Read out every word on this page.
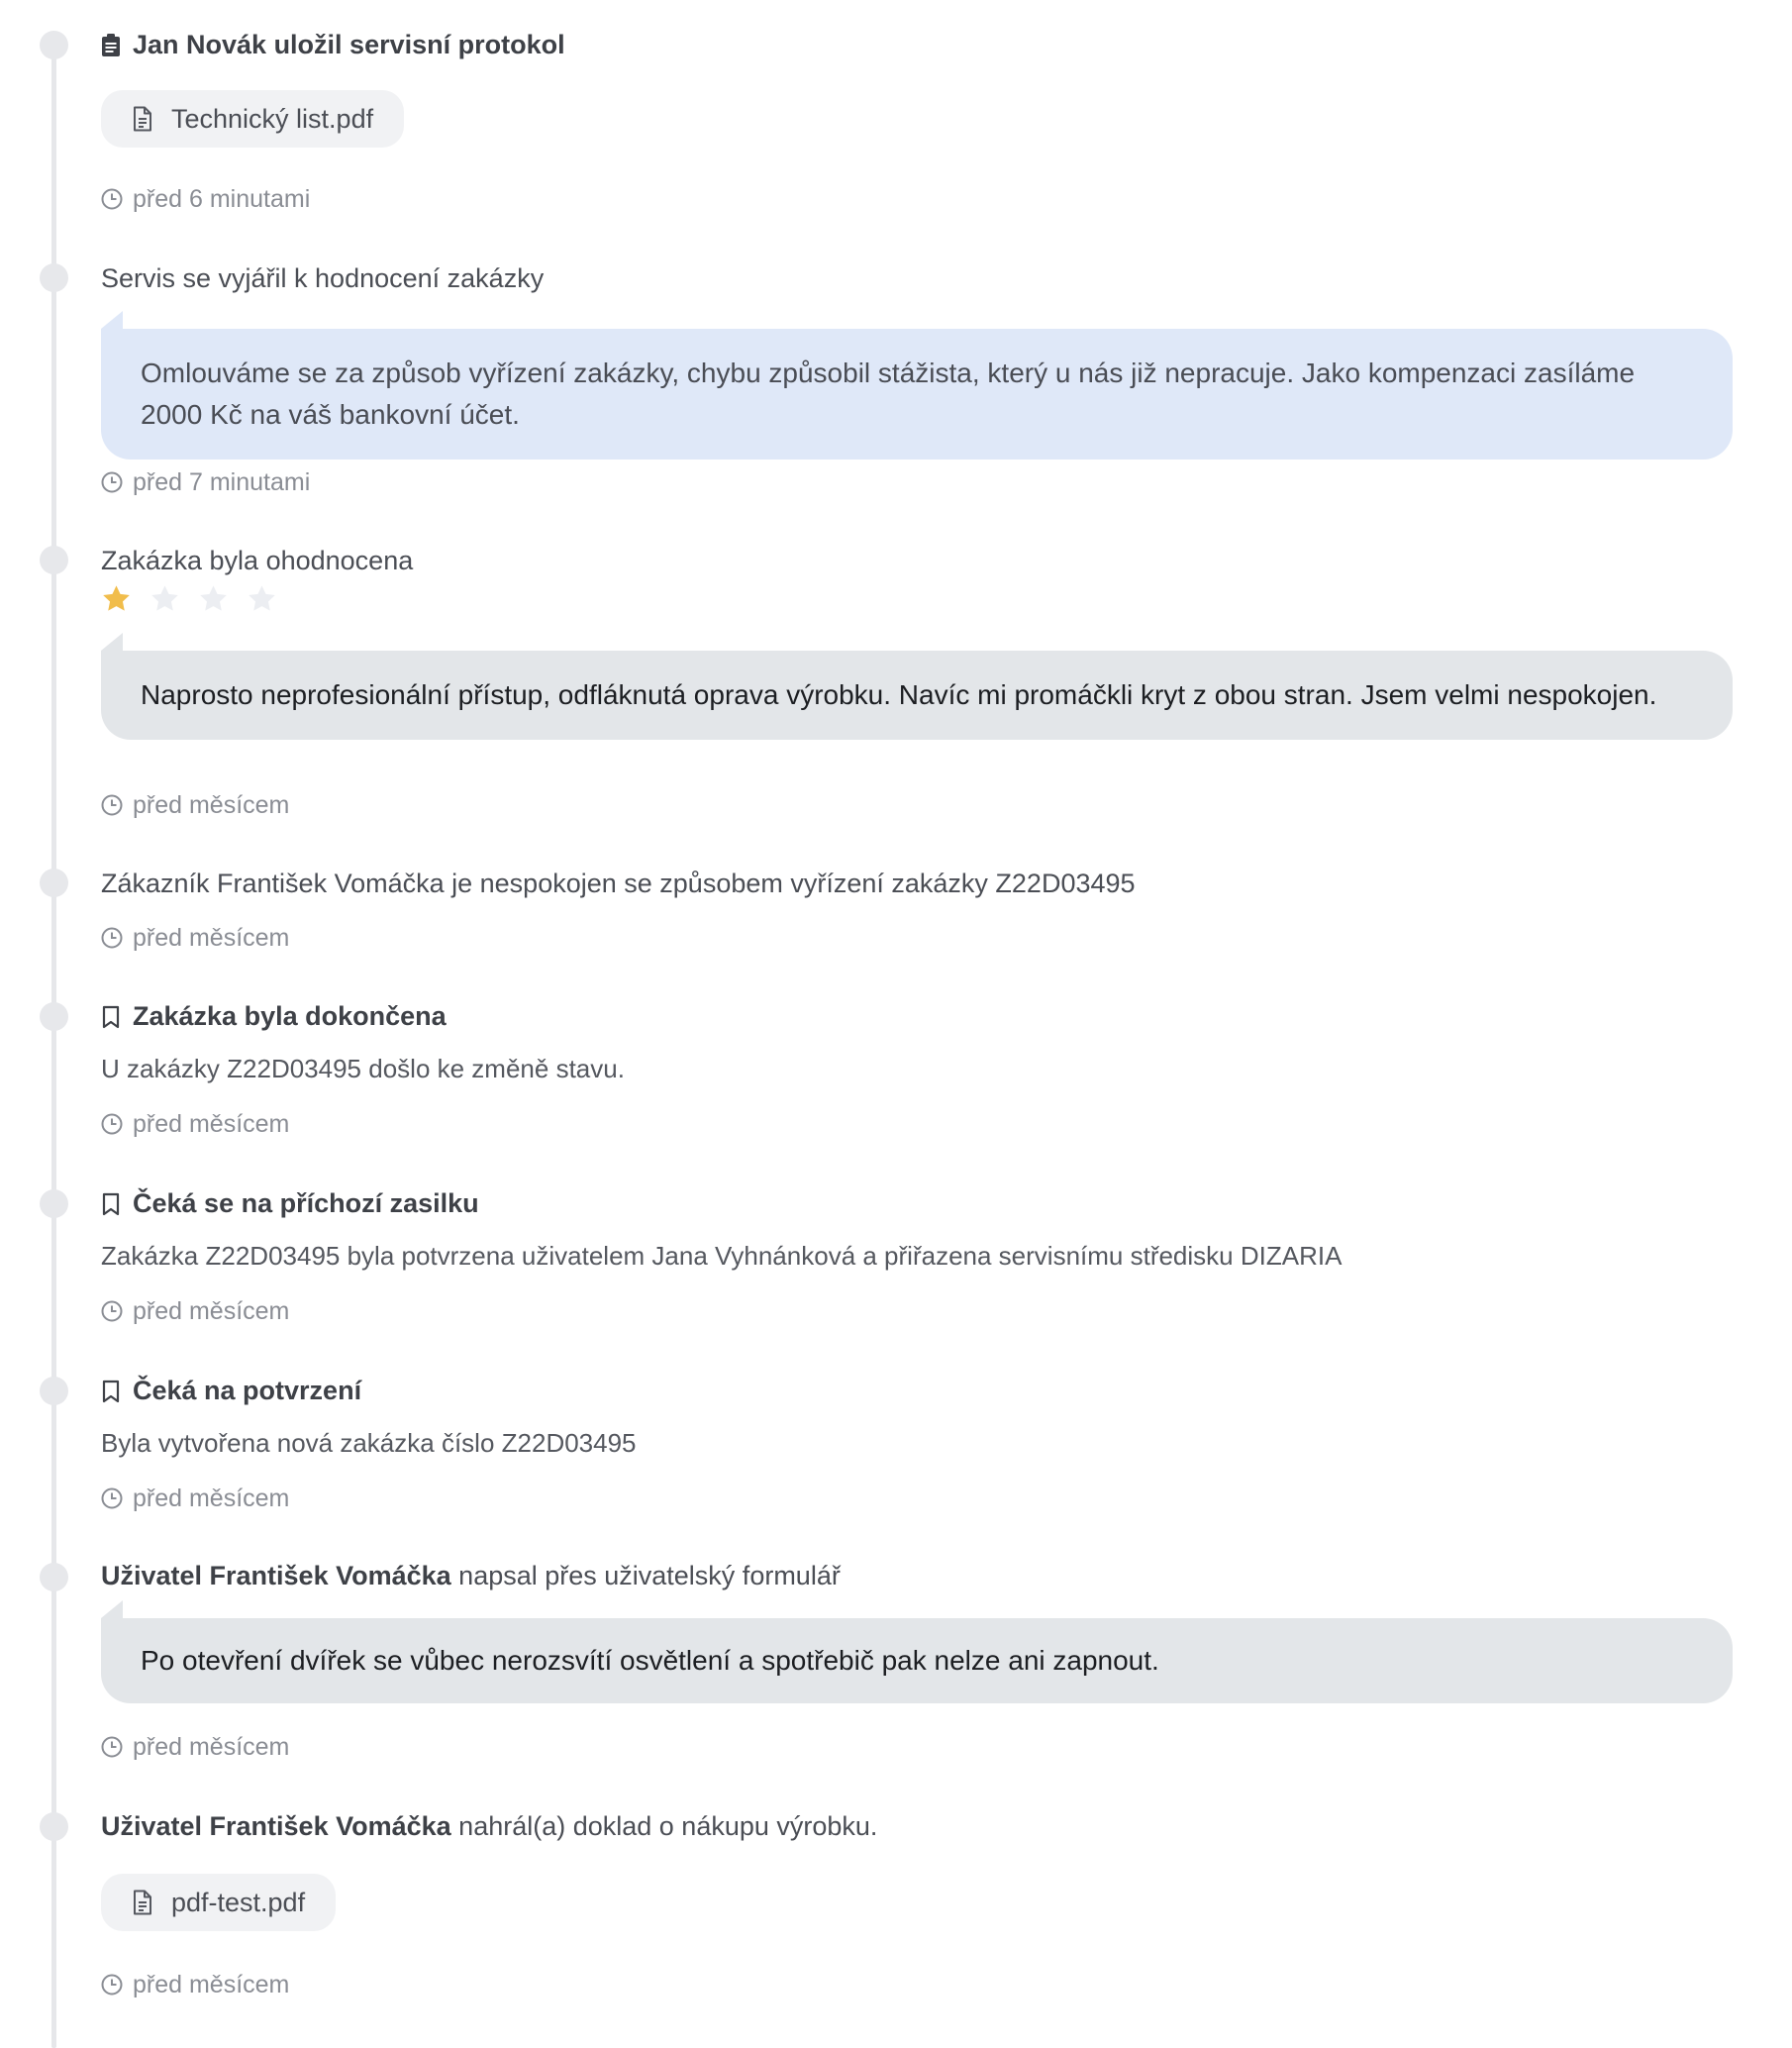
Jan Novák uložil servisní protokol
Technický list.pdf
před 6 minutami
Servis se vyjářil k hodnocení zakázky
Omlouváme se za způsob vyřízení zakázky, chybu způsobil stážista, který u nás již nepracuje. Jako kompenzaci zasíláme 2000 Kč na váš bankovní účet.
před 7 minutami
Zakázka byla ohodnocena
Naprosto neprofesionální přístup, odfláknutá oprava výrobku. Navíc mi promáčkli kryt z obou stran. Jsem velmi nespokojen.
před měsícem
Zákazník František Vomáčka je nespokojen se způsobem vyřízení zakázky Z22D03495
před měsícem
Zakázka byla dokončena
U zakázky Z22D03495 došlo ke změně stavu.
před měsícem
Čeká se na příchozí zasilku
Zakázka Z22D03495 byla potvrzena uživatelem Jana Vyhnánková a přiřazena servisnímu středisku DIZARIA
před měsícem
Čeká na potvrzení
Byla vytvořena nová zakázka číslo Z22D03495
před měsícem
Uživatel František Vomáčka napsal přes uživatelský formulář
Po otevření dvířek se vůbec nerozsvítí osvětlení a spotřebič pak nelze ani zapnout.
před měsícem
Uživatel František Vomáčka nahrál(a) doklad o nákupu výrobku.
pdf-test.pdf
před měsícem
